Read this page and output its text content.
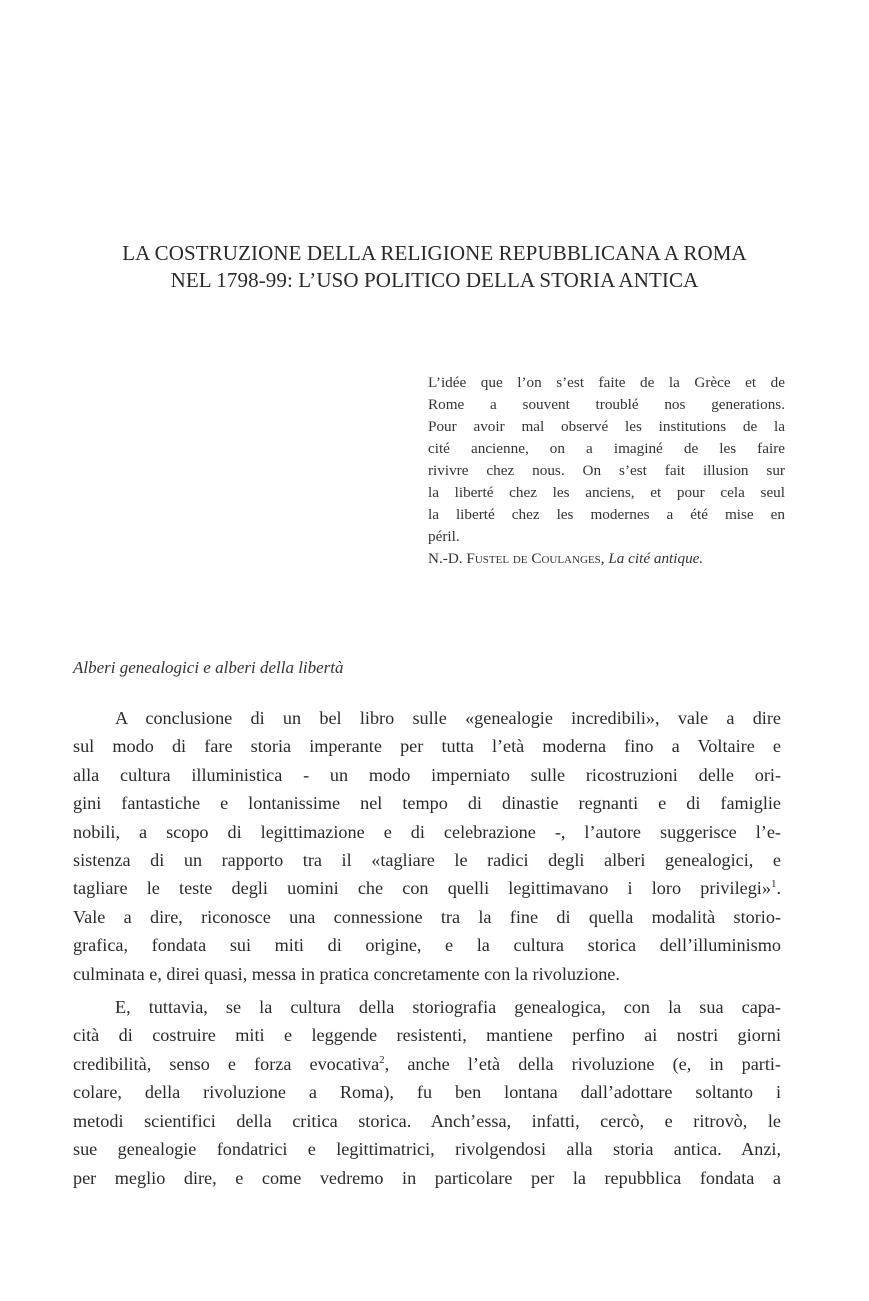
LA COSTRUZIONE DELLA RELIGIONE REPUBBLICANA A ROMA
NEL 1798-99: L’USO POLITICO DELLA STORIA ANTICA
L’idée que l’on s’est faite de la Grèce et de
Rome a souvent troublé nos generations.
Pour avoir mal observé les institutions de la
cité ancienne, on a imaginé de les faire
rivivre chez nous. On s’est fait illusion sur
la liberté chez les anciens, et pour cela seul
la liberté chez les modernes a été mise en
péril.
N.-D. Fustel de Coulanges, La cité antique.
Alberi genealogici e alberi della libertà
A conclusione di un bel libro sulle «genealogie incredibili», vale a dire
sul modo di fare storia imperante per tutta l’età moderna fino a Voltaire e
alla cultura illuministica - un modo imperniato sulle ricostruzioni delle ori-
gini fantastiche e lontanissime nel tempo di dinastie regnanti e di famiglie
nobili, a scopo di legittimazione e di celebrazione -, l’autore suggerisce l’e-
sistenza di un rapporto tra il «tagliare le radici degli alberi genealogici, e
tagliare le teste degli uomini che con quelli legittimavano i loro privilegi»$^1$.
Vale a dire, riconosce una connessione tra la fine di quella modalità storio-
grafica, fondata sui miti di origine, e la cultura storica dell’illuminismo
culminata e, direi quasi, messa in pratica concretamente con la rivoluzione.
E, tuttavia, se la cultura della storiografia genealogica, con la sua capa-
cità di costruire miti e leggende resistenti, mantiene perfino ai nostri giorni
credibilità, senso e forza evocativa$^2$, anche l’età della rivoluzione (e, in parti-
colare, della rivoluzione a Roma), fu ben lontana dall’adottare soltanto i
metodi scientifici della critica storica. Anch’essa, infatti, cercò, e ritrovò, le
sue genealogie fondatrici e legittimatrici, rivolgendosi alla storia antica. Anzi,
per meglio dire, e come vedremo in particolare per la repubblica fondata a
